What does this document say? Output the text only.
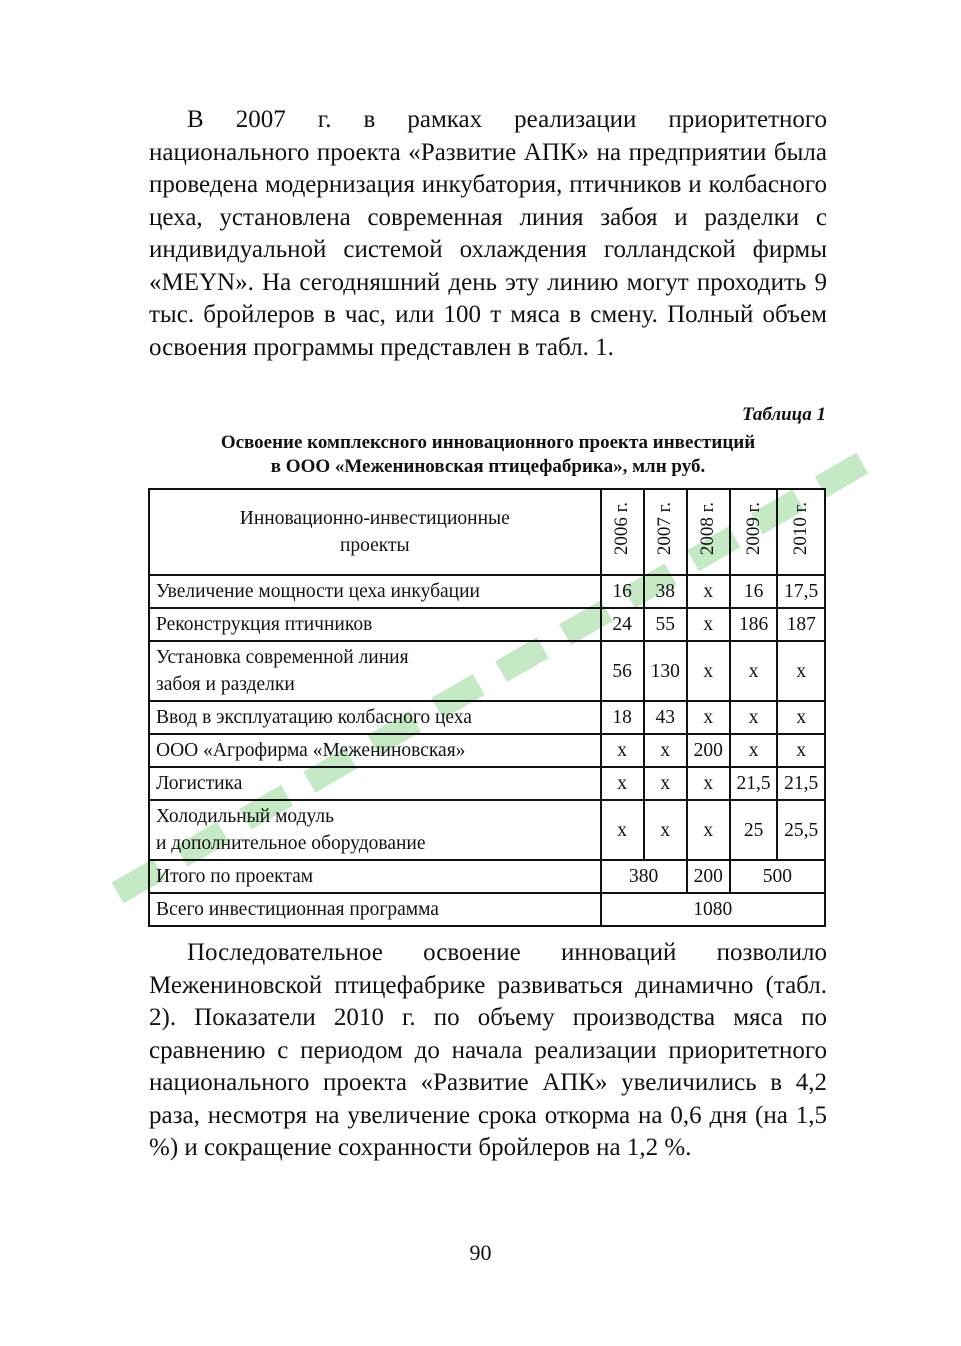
В 2007 г. в рамках реализации приоритетного национального проекта «Развитие АПК» на предприятии была проведена модернизация инкубатория, птичников и колбасного цеха, установлена современная линия забоя и разделки с индивидуальной системой охлаждения голландской фирмы «MEYN». На сегодняшний день эту линию могут проходить 9 тыс. бройлеров в час, или 100 т мяса в смену. Полный объем освоения программы представлен в табл. 1.

Таблица 1
Освоение комплексного инновационного проекта инвестиций
в ООО «Межениновская птицефабрика», млн руб.
Инновационно-инвестиционные
проекты	2006 г.	2007 г.	2008 г.	2009 г.	2010 г.
Увеличение мощности цеха инкубации	16	38	х	16	17,5
Реконструкция птичников	24	55	х	186	187
Установка современной линия
забоя и разделки	56	130	х	х	х
Ввод в эксплуатацию колбасного цеха	18	43	х	х	х
ООО «Агрофирма «Межениновская»	х	х	200	х	х
Логистика	х	х	х	21,5	21,5
Холодильный модуль
и дополнительное оборудование	х	х	х	25	25,5
Итого по проектам	380		200	500	
Всего инвестиционная программа	1080				

Последовательное освоение инноваций позволило Межениновской птицефабрике развиваться динамично (табл. 2). Показатели 2010 г. по объему производства мяса по сравнению с периодом до начала реализации приоритетного национального проекта «Развитие АПК» увеличились в 4,2 раза, несмотря на увеличение срока откорма на 0,6 дня (на 1,5 %) и сокращение сохранности бройлеров на 1,2 %.

90
